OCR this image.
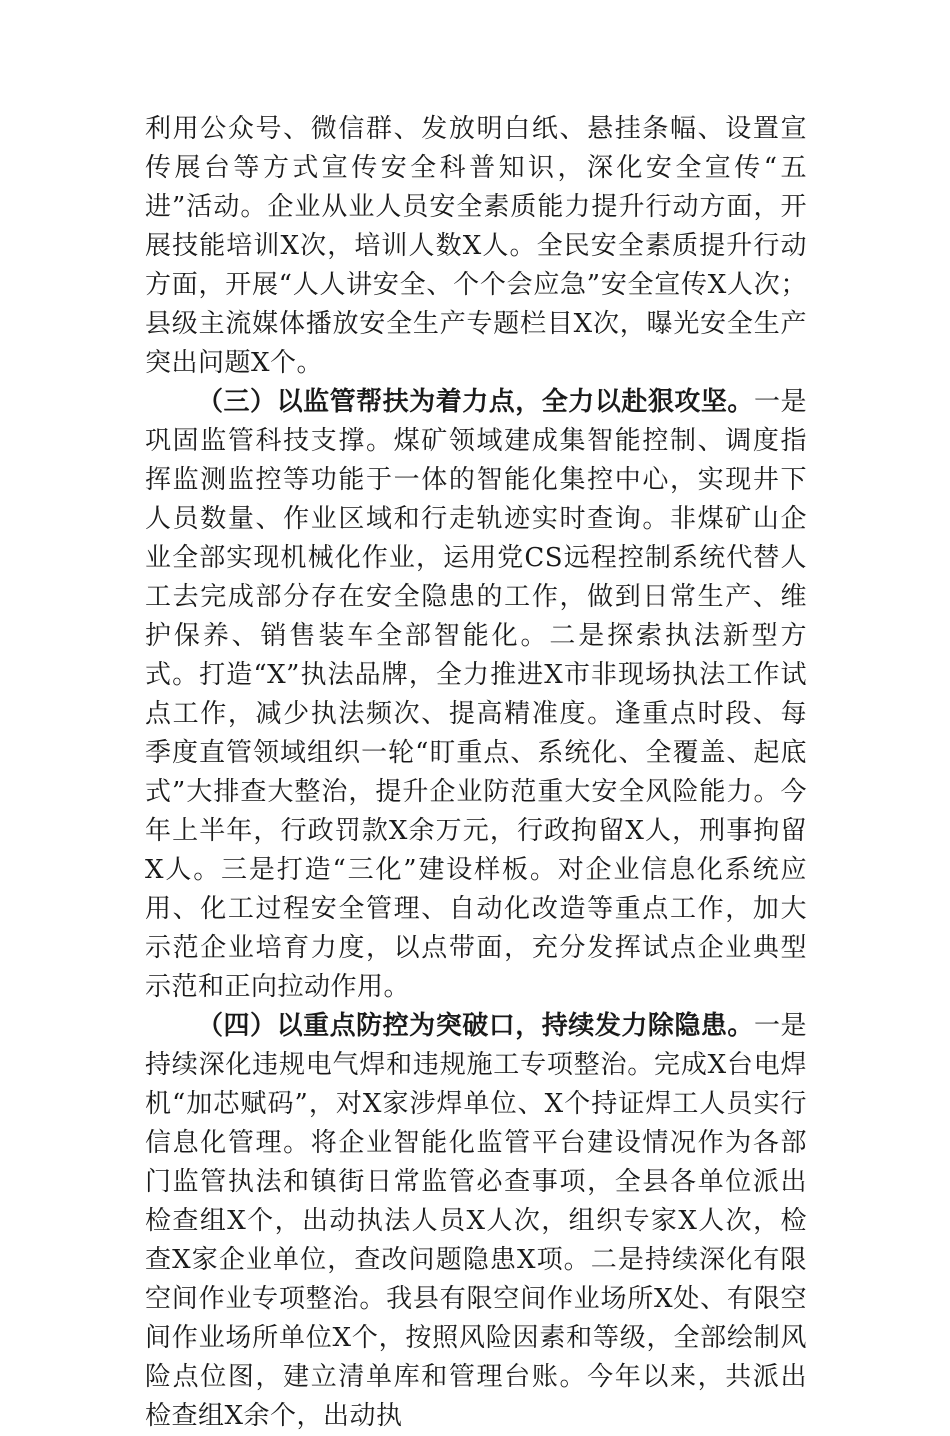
利用公众号、微信群、发放明白纸、悬挂条幅、设置宣传展台等方式宣传安全科普知识，深化安全宣传“五进”活动。企业从业人员安全素质能力提升行动方面，开展技能培训X次，培训人数X人。全民安全素质提升行动方面，开展“人人讲安全、个个会应急”安全宣传X人次；县级主流媒体播放安全生产专题栏目X次，曝光安全生产突出问题X个。

（三）以监管帮扶为着力点，全力以赴狠攻坚。一是巩固监管科技支撑。煤矿领域建成集智能控制、调度指挥监测监控等功能于一体的智能化集控中心，实现井下人员数量、作业区域和行走轨迹实时查询。非煤矿山企业全部实现机械化作业，运用党CS远程控制系统代替人工去完成部分存在安全隐患的工作，做到日常生产、维护保养、销售装车全部智能化。二是探索执法新型方式。打造“X”执法品牌，全力推进X市非现场执法工作试点工作，减少执法频次、提高精准度。逢重点时段、每季度直管领域组织一轮“盯重点、系统化、全覆盖、起底式”大排查大整治，提升企业防范重大安全风险能力。今年上半年，行政罚款X余万元，行政拘留X人，刑事拘留X人。三是打造“三化”建设样板。对企业信息化系统应用、化工过程安全管理、自动化改造等重点工作，加大示范企业培育力度，以点带面，充分发挥试点企业典型示范和正向拉动作用。

（四）以重点防控为突破口，持续发力除隐患。一是持续深化违规电气焊和违规施工专项整治。完成X台电焊机“加芯赋码”，对X家涉焊单位、X个持证焊工人员实行信息化管理。将企业智能化监管平台建设情况作为各部门监管执法和镇街日常监管必查事项，全县各单位派出检查组X个，出动执法人员X人次，组织专家X人次，检查X家企业单位，查改问题隐患X项。二是持续深化有限空间作业专项整治。我县有限空间作业场所X处、有限空间作业场所单位X个，按照风险因素和等级，全部绘制风险点位图，建立清单库和管理台账。今年以来，共派出检查组X余个，出动执
